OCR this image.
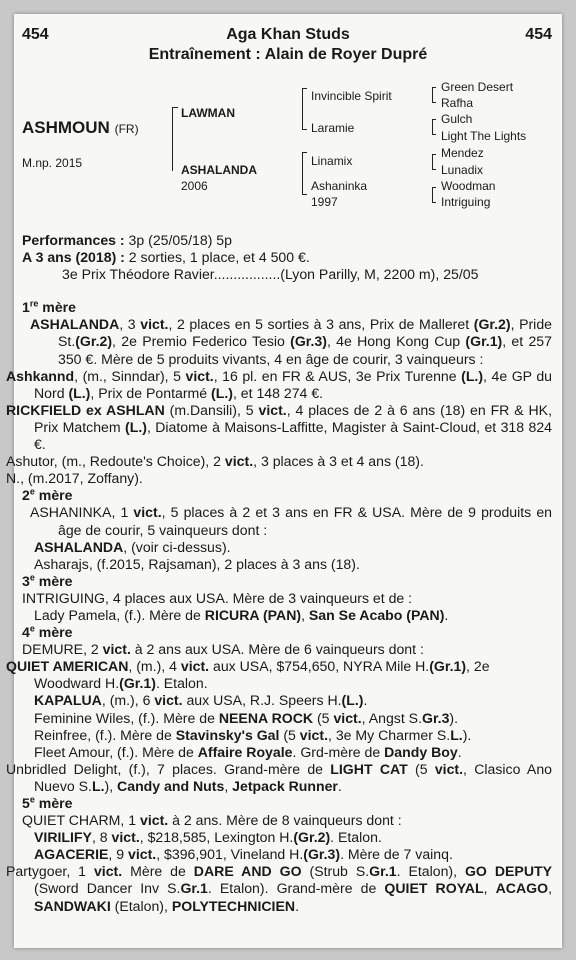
454	454
Aga Khan Studs
Entraînement : Alain de Royer Dupré
ASHMOUN (FR)
M.np. 2015
LAWMAN
ASHALANDA
2006
Invincible Spirit
Laramie
Linamix
Ashaninka
1997
Green Desert
Rafha
Gulch
Light The Lights
Mendez
Lunadix
Woodman
Intriguing

Performances : 3p (25/05/18) 5p

A 3 ans (2018) : 2 sorties, 1 place, et 4 500 €.

3e Prix Théodore Ravier.................(Lyon Parilly, M, 2200 m), 25/05

1re mère

ASHALANDA, 3 vict., 2 places en 5 sorties à 3 ans, Prix de Malleret (Gr.2), Pride St.(Gr.2), 2e Premio Federico Tesio (Gr.3), 4e Hong Kong Cup (Gr.1), et 257 350 €. Mère de 5 produits vivants, 4 en âge de courir, 3 vainqueurs :

Ashkannd, (m., Sinndar), 5 vict., 16 pl. en FR & AUS, 3e Prix Turenne (L.), 4e GP du Nord (L.), Prix de Pontarmé (L.), et 148 274 €.

RICKFIELD ex ASHLAN (m.Dansili), 5 vict., 4 places de 2 à 6 ans (18) en FR & HK, Prix Matchem (L.), Diatome à Maisons-Laffitte, Magister à Saint-Cloud, et 318 824 €.

Ashutor, (m., Redoute's Choice), 2 vict., 3 places à 3 et 4 ans (18).

N., (m.2017, Zoffany).

2e mère

ASHANINKA, 1 vict., 5 places à 2 et 3 ans en FR & USA. Mère de 9 produits en âge de courir, 5 vainqueurs dont :

ASHALANDA, (voir ci-dessus).

Asharajs, (f.2015, Rajsaman), 2 places à 3 ans (18).

3e mère

INTRIGUING, 4 places aux USA. Mère de 3 vainqueurs et de :

Lady Pamela, (f.). Mère de RICURA (PAN), San Se Acabo (PAN).

4e mère

DEMURE, 2 vict. à 2 ans aux USA. Mère de 6 vainqueurs dont :

QUIET AMERICAN, (m.), 4 vict. aux USA, $754,650, NYRA Mile H.(Gr.1), 2e Woodward H.(Gr.1). Etalon.

KAPALUA, (m.), 6 vict. aux USA, R.J. Speers H.(L.).

Feminine Wiles, (f.). Mère de NEENA ROCK (5 vict., Angst S.Gr.3).

Reinfree, (f.). Mère de Stavinsky's Gal (5 vict., 3e My Charmer S.L.).

Fleet Amour, (f.). Mère de Affaire Royale. Grd-mère de Dandy Boy.

Unbridled Delight, (f.), 7 places. Grand-mère de LIGHT CAT (5 vict., Clasico Ano Nuevo S.L.), Candy and Nuts, Jetpack Runner.

5e mère

QUIET CHARM, 1 vict. à 2 ans. Mère de 8 vainqueurs dont :

VIRILIFY, 8 vict., $218,585, Lexington H.(Gr.2). Etalon.

AGACERIE, 9 vict., $396,901, Vineland H.(Gr.3). Mère de 7 vainq.

Partygoer, 1 vict. Mère de DARE AND GO (Strub S.Gr.1. Etalon), GO DEPUTY (Sword Dancer Inv S.Gr.1. Etalon). Grand-mère de QUIET ROYAL, ACAGO, SANDWAKI (Etalon), POLYTECHNICIEN.
